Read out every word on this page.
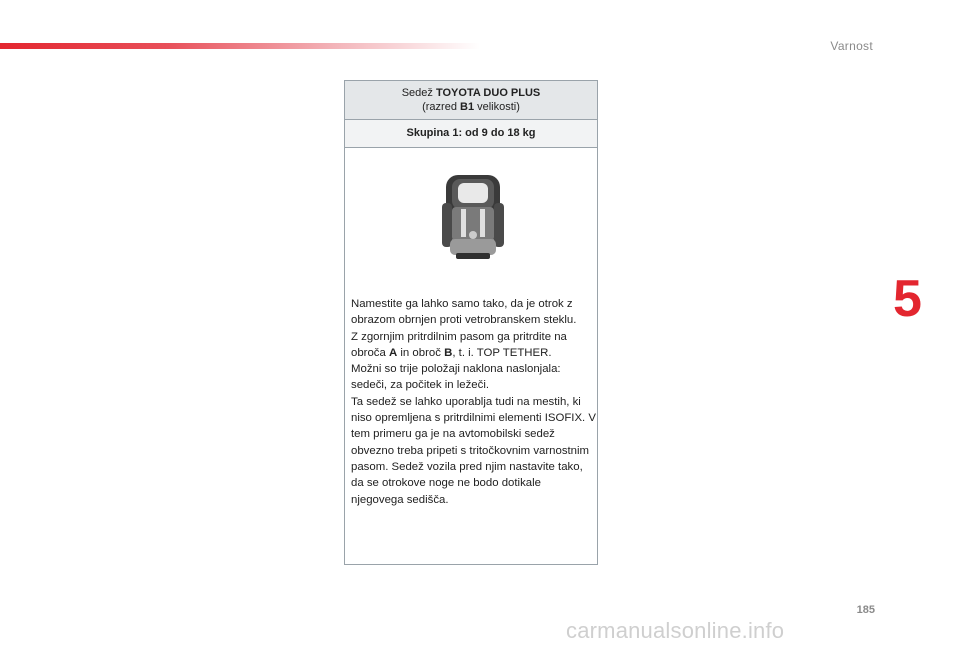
Varnost
5
Sedež TOYOTA DUO PLUS
(razred B1 velikosti)
Skupina 1: od 9 do 18 kg

Namestite ga lahko samo tako, da je otrok z obrazom obrnjen proti vetrobranskem steklu.

Z zgornjim pritrdilnim pasom ga pritrdite na obroča A in obroč B, t. i. TOP TETHER.

Možni so trije položaji naklona naslonjala: sedeči, za počitek in ležeči.

Ta sedež se lahko uporablja tudi na mestih, ki niso opremljena s pritrdilnimi elementi ISOFIX. V tem primeru ga je na avtomobilski sedež obvezno treba pripeti s tritočkovnim varnostnim pasom. Sedež vozila pred njim nastavite tako, da se otrokove noge ne bodo dotikale njegovega sedišča.

185
carmanualsonline.info
